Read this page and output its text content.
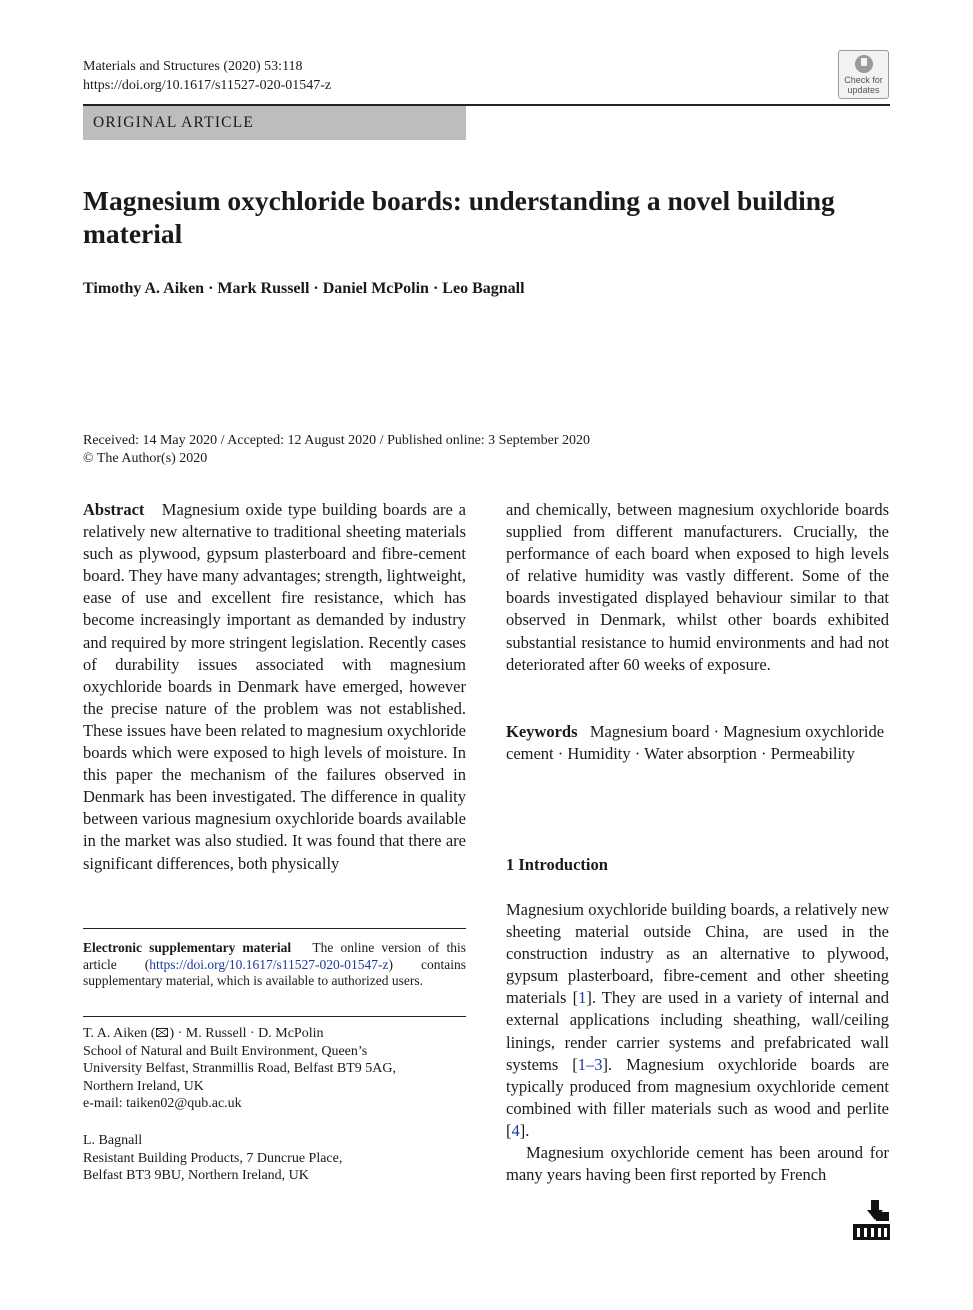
Materials and Structures (2020) 53:118
https://doi.org/10.1617/s11527-020-01547-z	Check for
updates
ORIGINAL ARTICLE
Magnesium oxychloride boards: understanding a novel building material
Timothy A. Aiken · Mark Russell · Daniel McPolin · Leo Bagnall
Received: 14 May 2020 / Accepted: 12 August 2020 / Published online: 3 September 2020
© The Author(s) 2020

Abstract Magnesium oxide type building boards are a relatively new alternative to traditional sheeting materials such as plywood, gypsum plasterboard and fibre-cement board. They have many advantages; strength, lightweight, ease of use and excellent fire resistance, which has become increasingly important as demanded by industry and required by more stringent legislation. Recently cases of durability issues associated with magnesium oxychloride boards in Denmark have emerged, however the precise nature of the problem was not established. These issues have been related to magnesium oxychloride boards which were exposed to high levels of moisture. In this paper the mechanism of the failures observed in Denmark has been investigated. The difference in quality between various magnesium oxychloride boards available in the market was also studied. It was found that there are significant differences, both physically

and chemically, between magnesium oxychloride boards supplied from different manufacturers. Crucially, the performance of each board when exposed to high levels of relative humidity was vastly different. Some of the boards investigated displayed behaviour similar to that observed in Denmark, whilst other boards exhibited substantial resistance to humid environments and had not deteriorated after 60 weeks of exposure.

Keywords Magnesium board · Magnesium oxychloride cement · Humidity · Water absorption · Permeability

Electronic supplementary material The online version of this article (https://doi.org/10.1617/s11527-020-01547-z) contains supplementary material, which is available to authorized users.
T. A. Aiken ( ) · M. Russell · D. McPolin
School of Natural and Built Environment, Queen’s
University Belfast, Stranmillis Road, Belfast BT9 5AG,
Northern Ireland, UK
e-mail: taiken02@qub.ac.uk
L. Bagnall
Resistant Building Products, 7 Duncrue Place,
Belfast BT3 9BU, Northern Ireland, UK
1 Introduction

Magnesium oxychloride building boards, a relatively new sheeting material outside China, are used in the construction industry as an alternative to plywood, gypsum plasterboard, fibre-cement and other sheeting materials [1]. They are used in a variety of internal and external applications including sheathing, wall/ceiling linings, render carrier systems and prefabricated wall systems [1–3]. Magnesium oxychloride boards are typically produced from magnesium oxychloride cement combined with filler materials such as wood and perlite [4].

Magnesium oxychloride cement has been around for many years having been first reported by French
